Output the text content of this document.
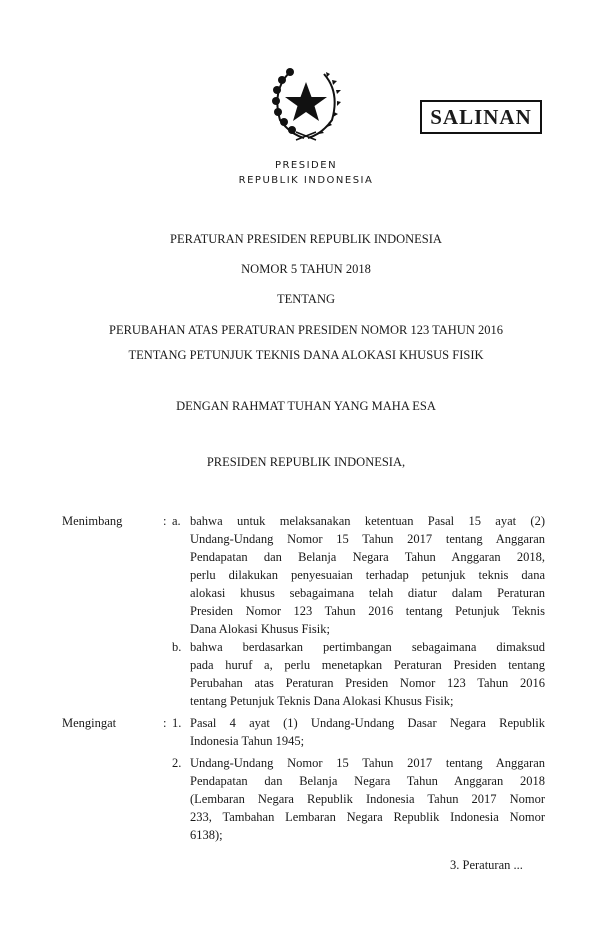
SALINAN
PRESIDEN
REPUBLIK INDONESIA
PERATURAN PRESIDEN REPUBLIK INDONESIA
NOMOR 5 TAHUN 2018
TENTANG
PERUBAHAN ATAS PERATURAN PRESIDEN NOMOR 123 TAHUN 2016
TENTANG PETUNJUK TEKNIS DANA ALOKASI KHUSUS FISIK
DENGAN RAHMAT TUHAN YANG MAHA ESA
PRESIDEN REPUBLIK INDONESIA,
Menimbang	: a. bahwa untuk melaksanakan ketentuan Pasal 15 ayat (2)
Undang-Undang Nomor 15 Tahun 2017 tentang Anggaran
Pendapatan dan Belanja Negara Tahun Anggaran 2018,
perlu dilakukan penyesuaian terhadap petunjuk teknis dana
alokasi khusus sebagaimana telah diatur dalam Peraturan
Presiden Nomor 123 Tahun 2016 tentang Petunjuk Teknis
Dana Alokasi Khusus Fisik;
b. bahwa berdasarkan pertimbangan sebagaimana dimaksud
pada huruf a, perlu menetapkan Peraturan Presiden tentang
Perubahan atas Peraturan Presiden Nomor 123 Tahun 2016
tentang Petunjuk Teknis Dana Alokasi Khusus Fisik;
Mengingat	: 1. Pasal 4 ayat (1) Undang-Undang Dasar Negara Republik
Indonesia Tahun 1945;
2. Undang-Undang Nomor 15 Tahun 2017 tentang Anggaran
Pendapatan dan Belanja Negara Tahun Anggaran 2018
(Lembaran Negara Republik Indonesia Tahun 2017 Nomor
233, Tambahan Lembaran Negara Republik Indonesia Nomor
6138);
3. Peraturan ...
